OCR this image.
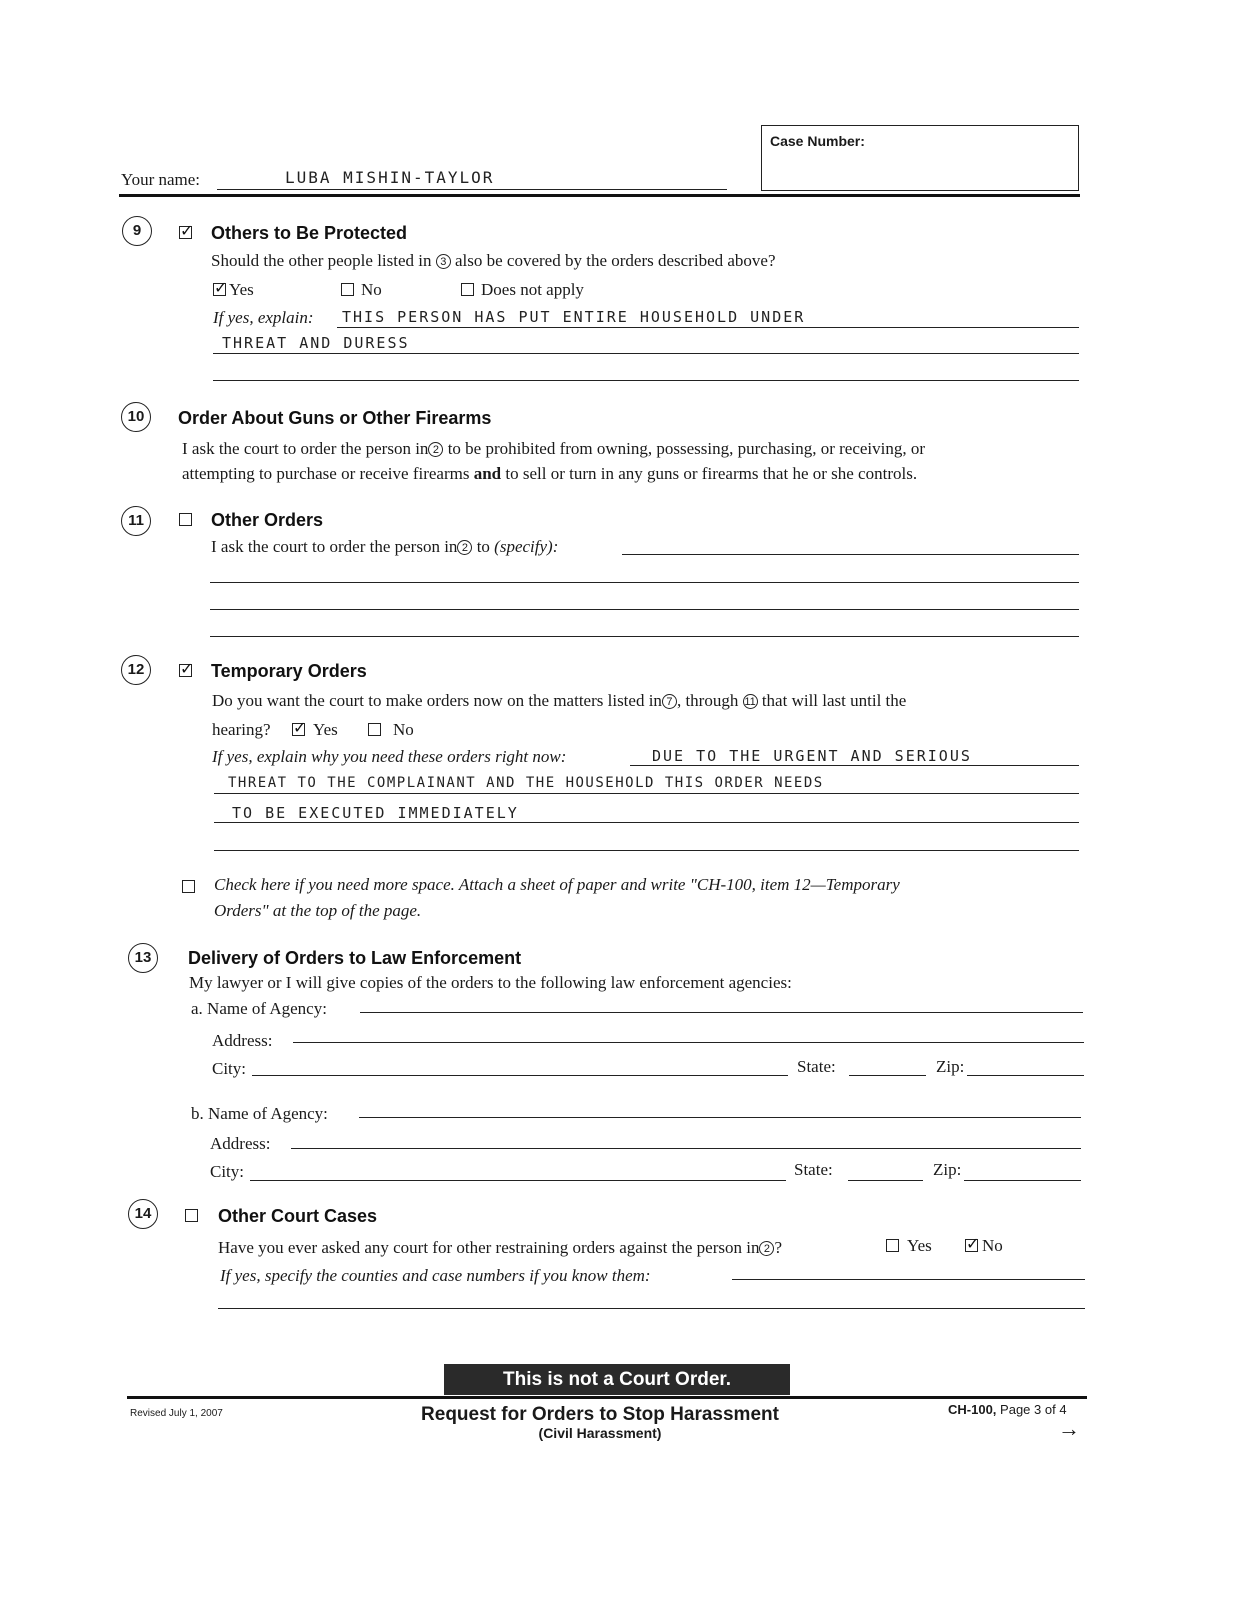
Your name:	LUBA MISHIN-TAYLOR
Case Number:
9 ✓	Others to Be Protected
Should the other people listed in 3 also be covered by the orders described above?
✓
Yes	No	Does not apply
If yes, explain: THIS PERSON HAS PUT ENTIRE HOUSEHOLD UNDER
THREAT AND DURESS
10	Order About Guns or Other Firearms
I ask the court to order the person in 2 to be prohibited from owning, possessing, purchasing, or receiving, or
attempting to purchase or receive firearms and to sell or turn in any guns or firearms that he or she controls.
11	Other Orders
I ask the court to order the person in 2 to (specify):
12 ✓	Temporary Orders
Do you want the court to make orders now on the matters listed in 7 , through 11 that will last until the
hearing? ✓ Yes	No
If yes, explain why you need these orders right now:	DUE TO THE URGENT AND SERIOUS
THREAT TO THE COMPLAINANT AND THE HOUSEHOLD THIS ORDER NEEDS
TO BE EXECUTED IMMEDIATELY
Check here if you need more space. Attach a sheet of paper and write "CH-100, item 12—Temporary
Orders" at the top of the page.
13	Delivery of Orders to Law Enforcement
My lawyer or I will give copies of the orders to the following law enforcement agencies:
a. Name of Agency:
Address:
City:	State:	Zip:
b. Name of Agency:
Address:
City:	State:	Zip:
14	Other Court Cases
Have you ever asked any court for other restraining orders against the person in 2 ?	Yes ✓	No
If yes, specify the counties and case numbers if you know them:
This is not a Court Order.
Revised July 1, 2007	Request for Orders to Stop Harassment
(Civil Harassment)
CH-100, Page 3 of 4
→
